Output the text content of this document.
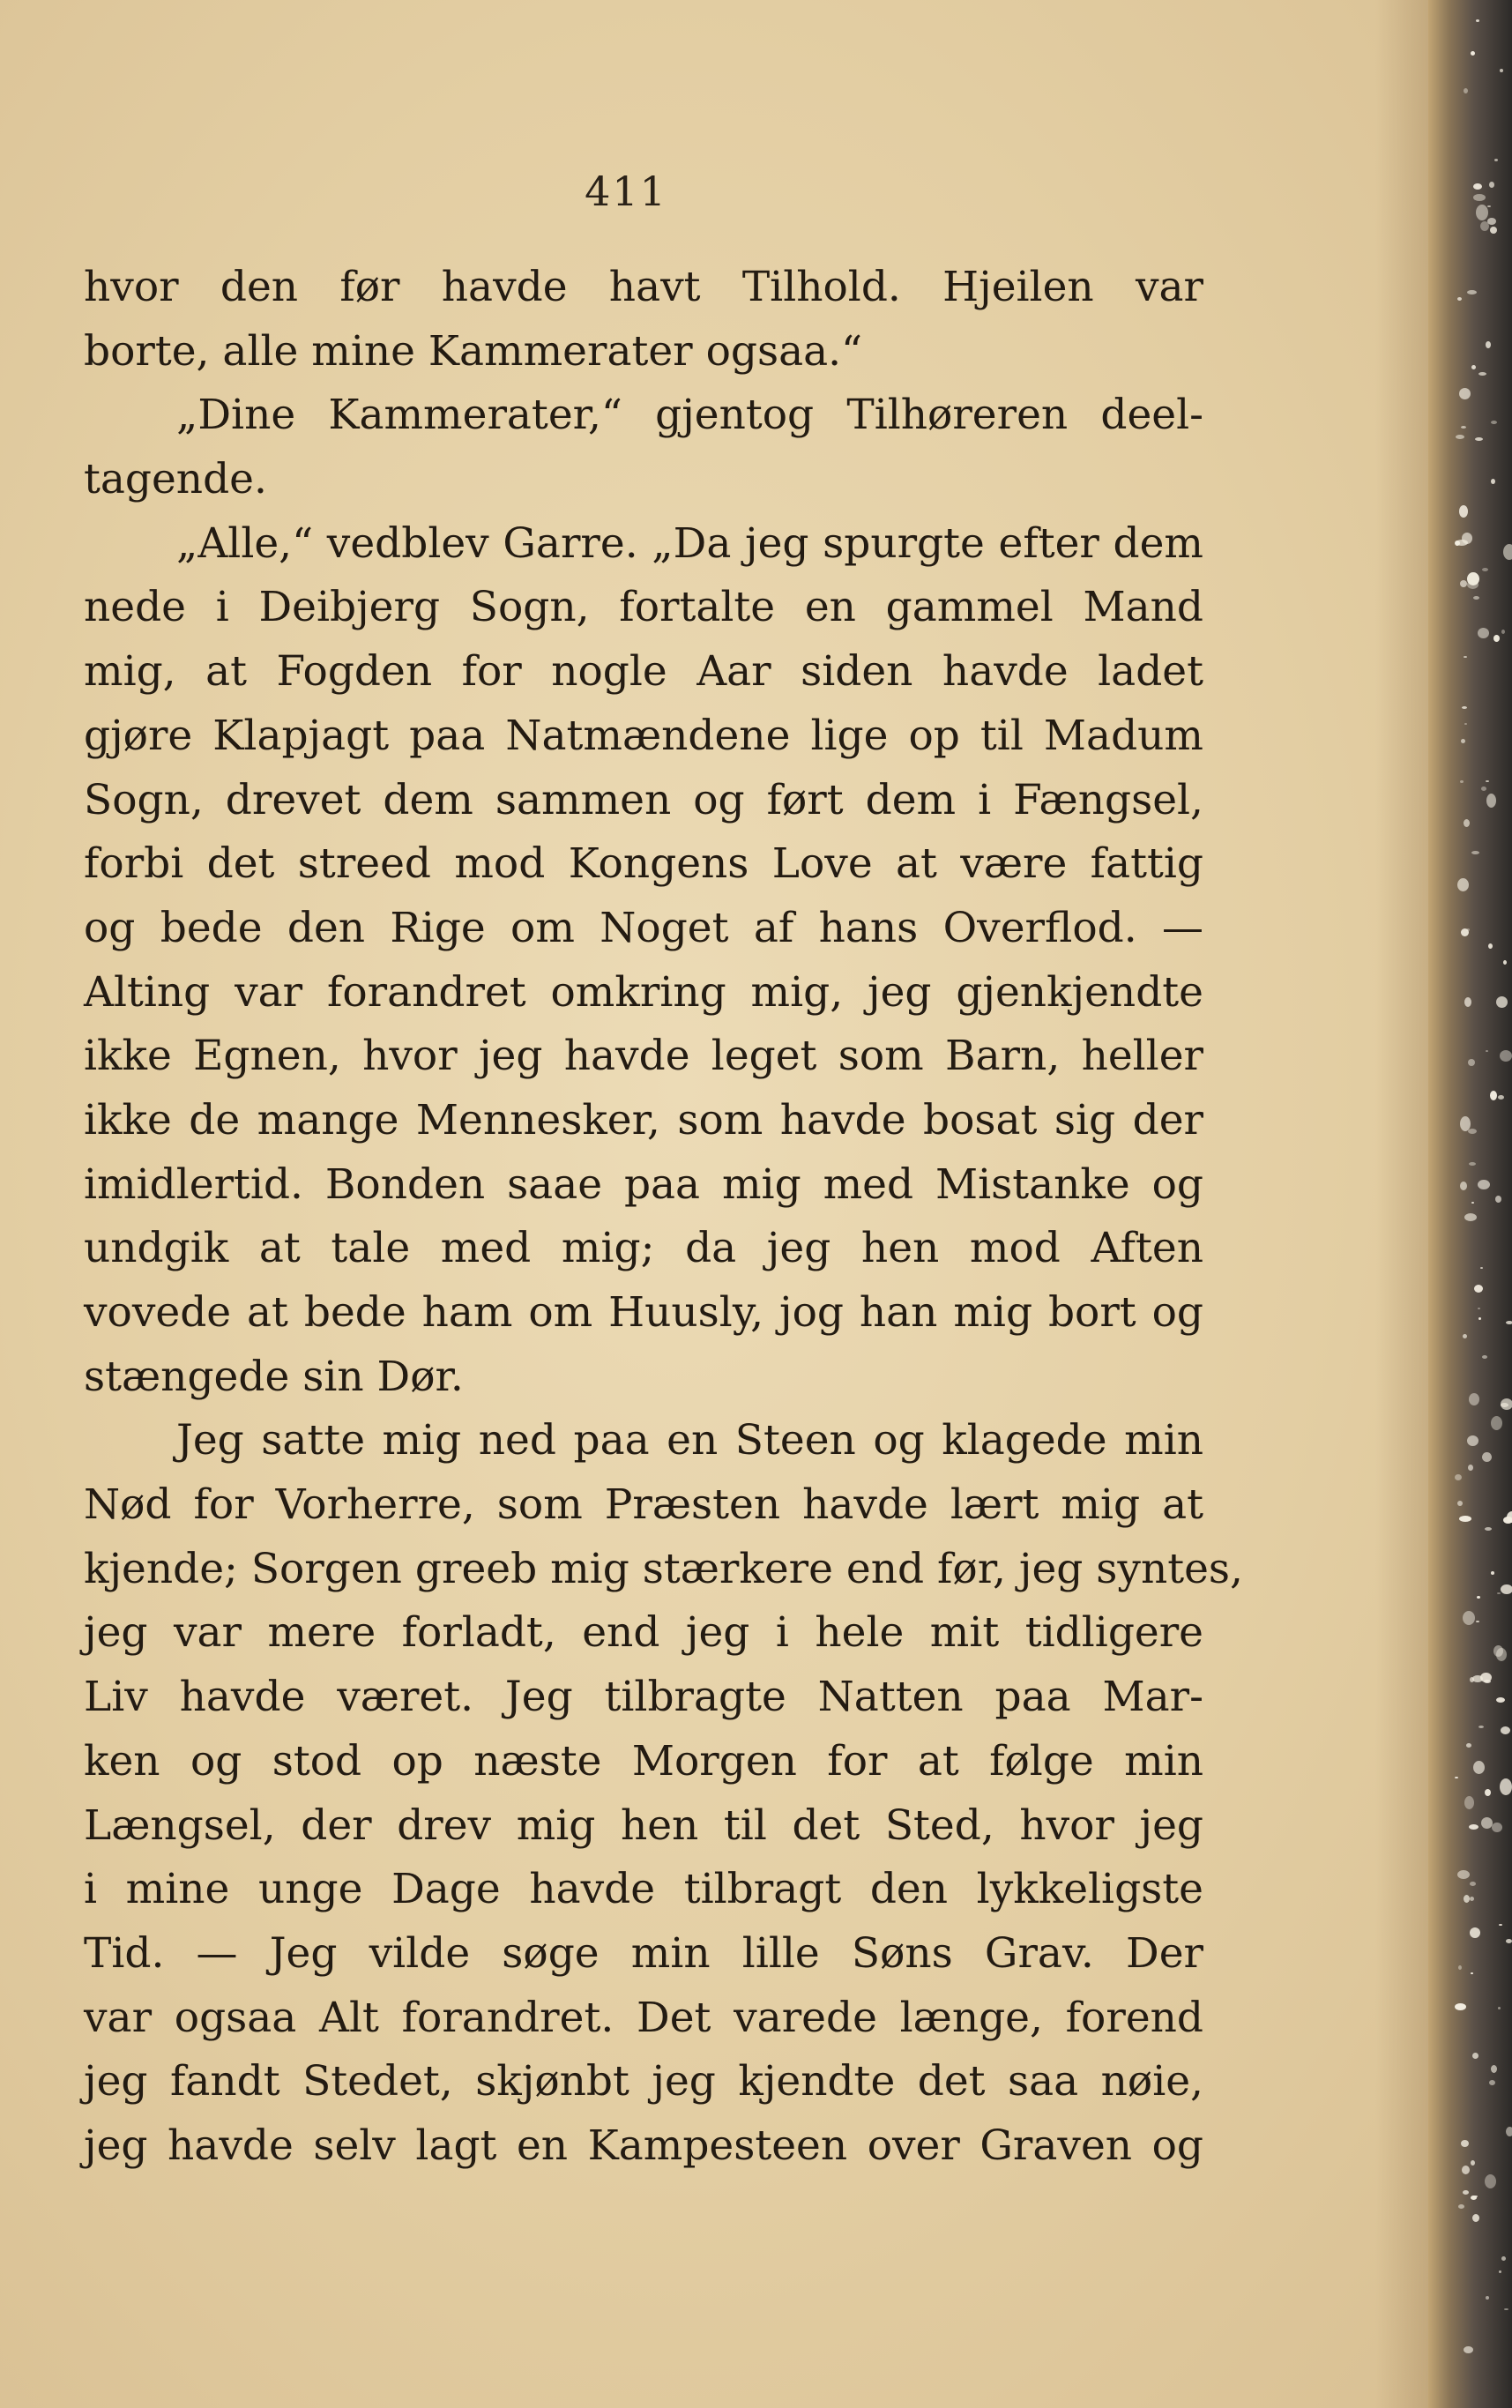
411
hvor den før havde havt Tilhold. Hjeilen var
borte, alle mine Kammerater ogsaa.“
„Dine Kammerater,“ gjentog Tilhøreren deel-
tagende.
„Alle,“ vedblev Garre. „Da jeg spurgte efter dem
nede i Deibjerg Sogn, fortalte en gammel Mand
mig, at Fogden for nogle Aar siden havde ladet
gjøre Klapjagt paa Natmændene lige op til Madum
Sogn, drevet dem sammen og ført dem i Fængsel,
forbi det streed mod Kongens Love at være fattig
og bede den Rige om Noget af hans Overflod. —
Alting var forandret omkring mig, jeg gjenkjendte
ikke Egnen, hvor jeg havde leget som Barn, heller
ikke de mange Mennesker, som havde bosat sig der
imidlertid. Bonden saae paa mig med Mistanke og
undgik at tale med mig; da jeg hen mod Aften
vovede at bede ham om Huusly, jog han mig bort og
stængede sin Dør.
Jeg satte mig ned paa en Steen og klagede min
Nød for Vorherre, som Præsten havde lært mig at
kjende; Sorgen greeb mig stærkere end før, jeg syntes,
jeg var mere forladt, end jeg i hele mit tidligere
Liv havde været. Jeg tilbragte Natten paa Mar-
ken og stod op næste Morgen for at følge min
Længsel, der drev mig hen til det Sted, hvor jeg
i mine unge Dage havde tilbragt den lykkeligste
Tid. — Jeg vilde søge min lille Søns Grav. Der
var ogsaa Alt forandret. Det varede længe, forend
jeg fandt Stedet, skjønbt jeg kjendte det saa nøie,
jeg havde selv lagt en Kampesteen over Graven og
